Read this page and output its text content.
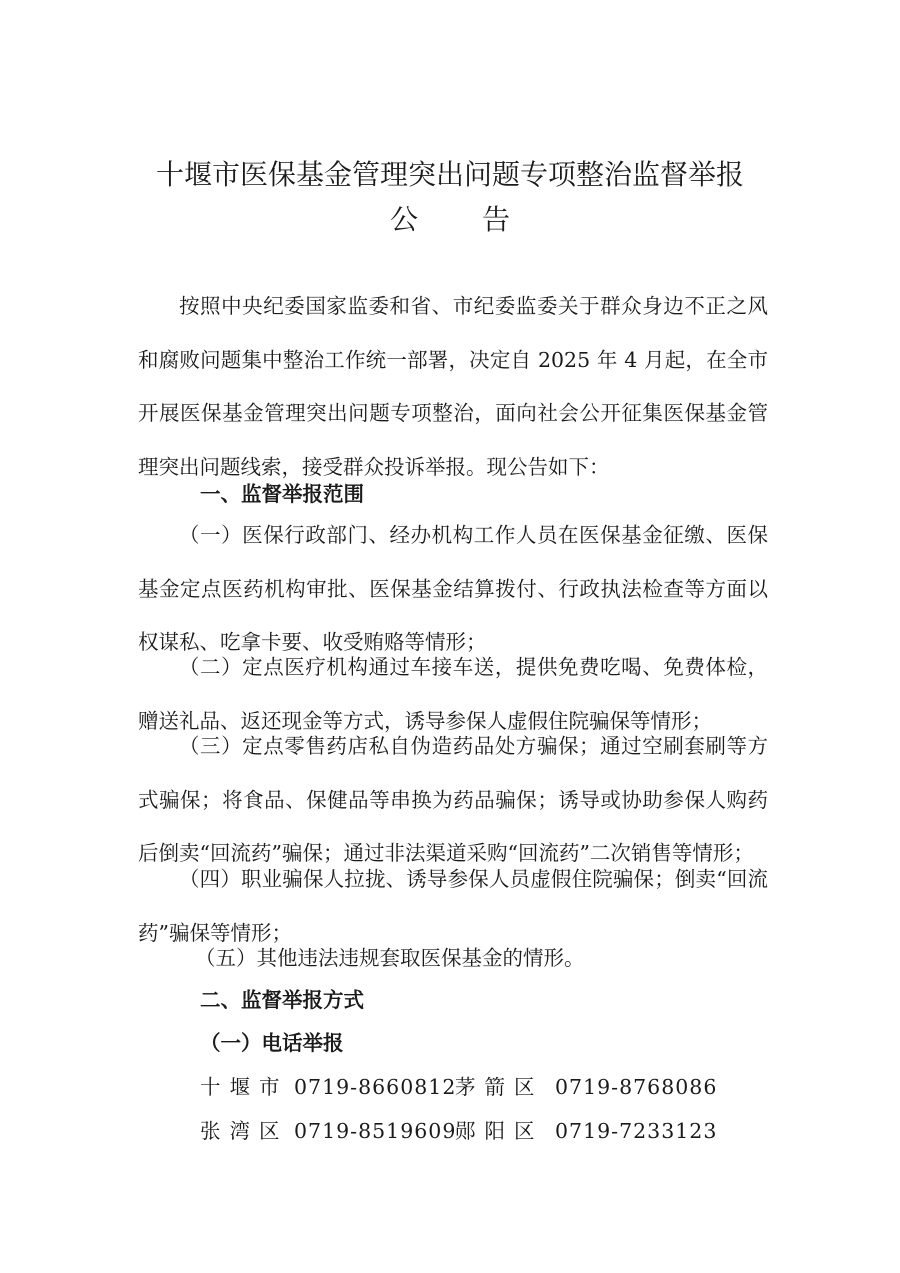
十堰市医保基金管理突出问题专项整治监督举报
公 告

按照中央纪委国家监委和省、市纪委监委关于群众身边不正之风和腐败问题集中整治工作统一部署，决定自 2025 年 4 月起，在全市开展医保基金管理突出问题专项整治，面向社会公开征集医保基金管理突出问题线索，接受群众投诉举报。现公告如下：

一、监督举报范围

（一）医保行政部门、经办机构工作人员在医保基金征缴、医保基金定点医药机构审批、医保基金结算拨付、行政执法检查等方面以权谋私、吃拿卡要、收受贿赂等情形；

（二）定点医疗机构通过车接车送，提供免费吃喝、免费体检，赠送礼品、返还现金等方式，诱导参保人虚假住院骗保等情形；

（三）定点零售药店私自伪造药品处方骗保；通过空刷套刷等方式骗保；将食品、保健品等串换为药品骗保；诱导或协助参保人购药后倒卖“回流药”骗保；通过非法渠道采购“回流药”二次销售等情形；

（四）职业骗保人拉拢、诱导参保人员虚假住院骗保；倒卖“回流药”骗保等情形；

（五）其他违法违规套取医保基金的情形。

二、监督举报方式
（一）电话举报
十堰市 0719-8660812
茅箭区 0719-8768086
张湾区 0719-8519609
郧阳区 0719-7233123
